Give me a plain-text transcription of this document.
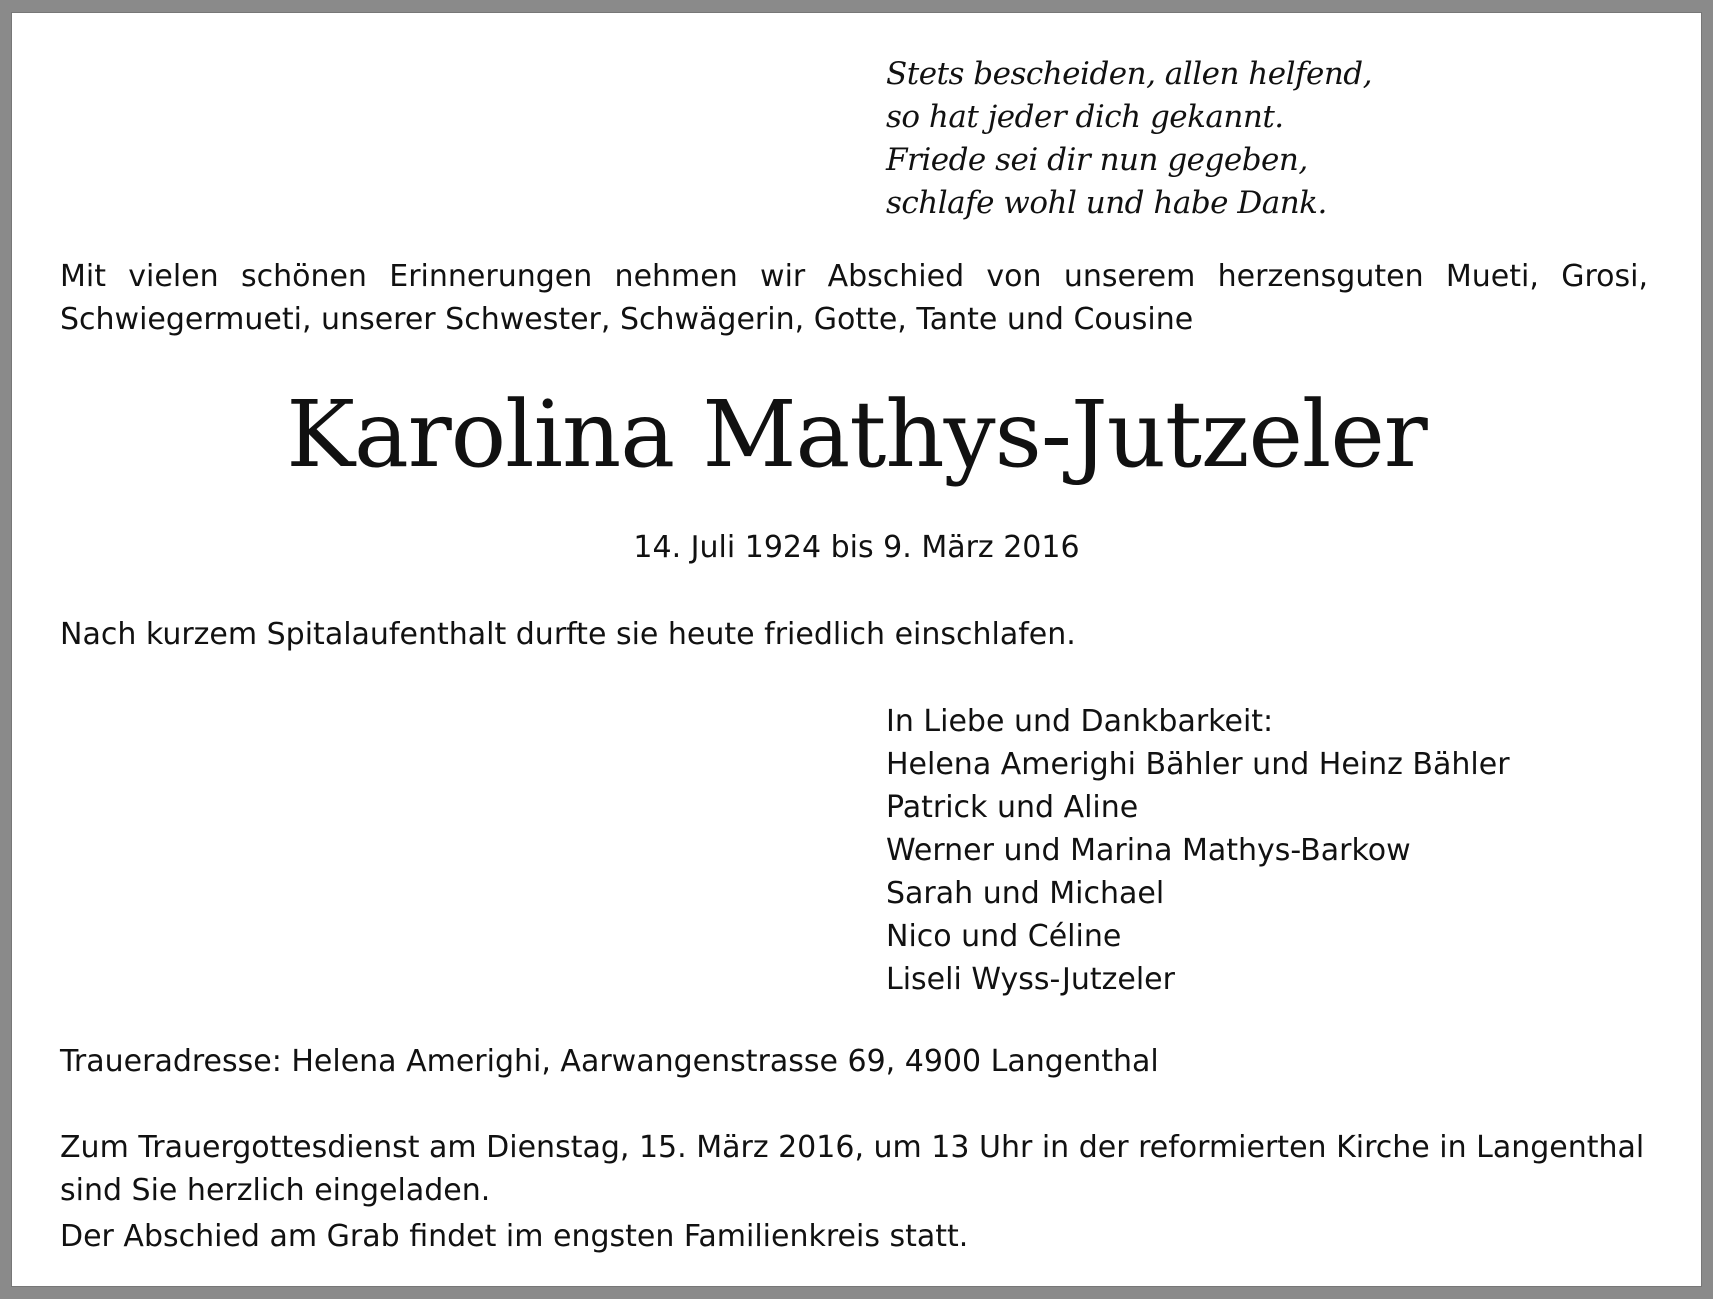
Stets bescheiden, allen helfend,
so hat jeder dich gekannt.
Friede sei dir nun gegeben,
schlafe wohl und habe Dank.
Mit vielen schönen Erinnerungen nehmen wir Abschied von unserem herzensguten Mueti, Grosi, Schwiegermueti, unserer Schwester, Schwägerin, Gotte, Tante und Cousine
Karolina Mathys-Jutzeler
14. Juli 1924 bis 9. März 2016
Nach kurzem Spitalaufenthalt durfte sie heute friedlich einschlafen.
In Liebe und Dankbarkeit:
Helena Amerighi Bähler und Heinz Bähler
Patrick und Aline
Werner und Marina Mathys-Barkow
Sarah und Michael
Nico und Céline
Liseli Wyss-Jutzeler
Traueradresse: Helena Amerighi, Aarwangenstrasse 69, 4900 Langenthal
Zum Trauergottesdienst am Dienstag, 15. März 2016, um 13 Uhr in der reformierten Kirche in Langenthal sind Sie herzlich eingeladen.
Der Abschied am Grab findet im engsten Familienkreis statt.
